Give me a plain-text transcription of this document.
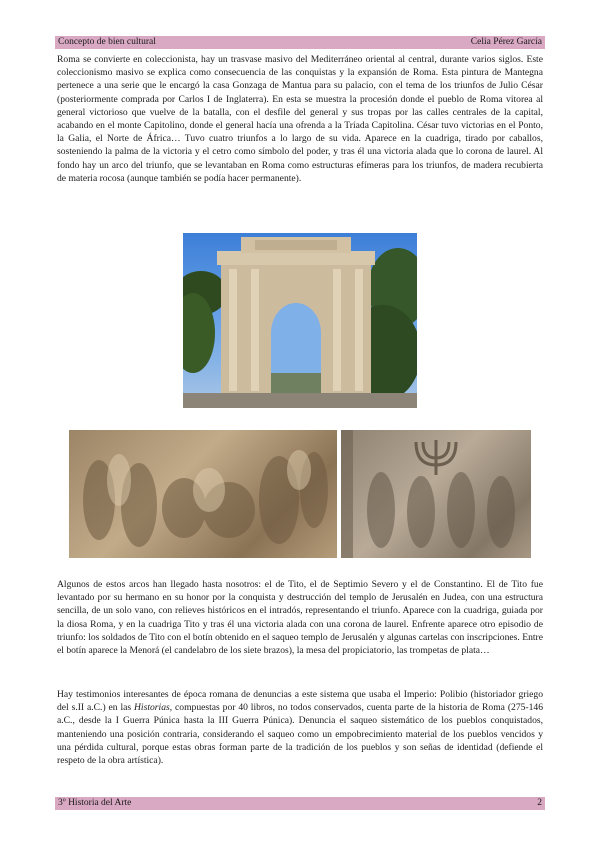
Concepto de bien cultural	Celia Pérez García

Roma se convierte en coleccionista, hay un trasvase masivo del Mediterráneo oriental al central, durante varios siglos. Este coleccionismo masivo se explica como consecuencia de las conquistas y la expansión de Roma. Esta pintura de Mantegna pertenece a una serie que le encargó la casa Gonzaga de Mantua para su palacio, con el tema de los triunfos de Julio César (posteriormente comprada por Carlos I de Inglaterra). En esta se muestra la procesión donde el pueblo de Roma vitorea al general victorioso que vuelve de la batalla, con el desfile del general y sus tropas por las calles centrales de la capital, acabando en el monte Capitolino, donde el general hacía una ofrenda a la Tríada Capitolina. César tuvo victorias en el Ponto, la Galia, el Norte de África… Tuvo cuatro triunfos a lo largo de su vida. Aparece en la cuadriga, tirado por caballos, sosteniendo la palma de la victoria y el cetro como símbolo del poder, y tras él una victoria alada que lo corona de laurel. Al fondo hay un arco del triunfo, que se levantaban en Roma como estructuras efímeras para los triunfos, de madera recubierta de materia rocosa (aunque también se podía hacer permanente).

Algunos de estos arcos han llegado hasta nosotros: el de Tito, el de Septimio Severo y el de Constantino. El de Tito fue levantado por su hermano en su honor por la conquista y destrucción del templo de Jerusalén en Judea, con una estructura sencilla, de un solo vano, con relieves históricos en el intradós, representando el triunfo. Aparece con la cuadriga, guiada por la diosa Roma, y en la cuadriga Tito y tras él una victoria alada con una corona de laurel. Enfrente aparece otro episodio de triunfo: los soldados de Tito con el botín obtenido en el saqueo templo de Jerusalén y algunas cartelas con inscripciones. Entre el botín aparece la Menorá (el candelabro de los siete brazos), la mesa del propiciatorio, las trompetas de plata…

Hay testimonios interesantes de época romana de denuncias a este sistema que usaba el Imperio: Polibio (historiador griego del s.II a.C.) en las Historias, compuestas por 40 libros, no todos conservados, cuenta parte de la historia de Roma (275-146 a.C., desde la I Guerra Púnica hasta la III Guerra Púnica). Denuncia el saqueo sistemático de los pueblos conquistados, manteniendo una posición contraria, considerando el saqueo como un empobrecimiento material de los pueblos vencidos y una pérdida cultural, porque estas obras forman parte de la tradición de los pueblos y son señas de identidad (defiende el respeto de la obra artística).

3º Historia del Arte	2
